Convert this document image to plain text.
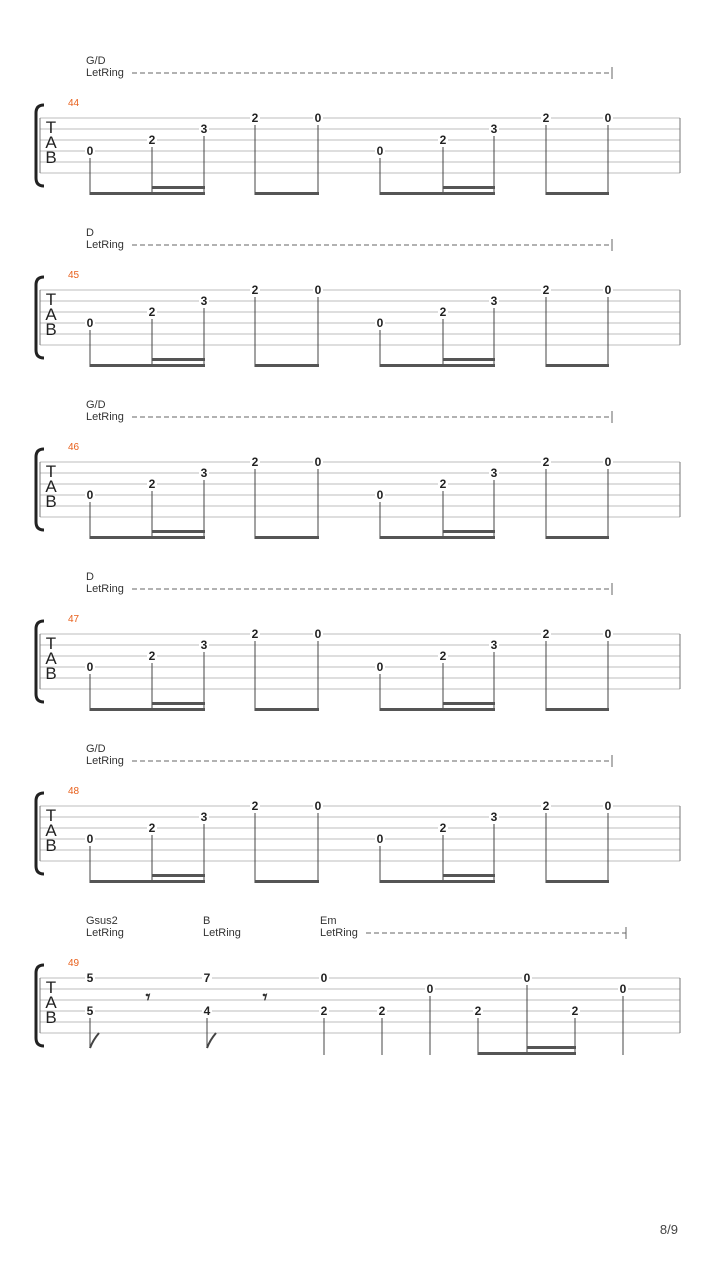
T
A
B
44
G/D
LetRing
0
2
3
2	0
0
2
3
2	0
T
A
B
45
D
LetRing
0
2
3
2	0
0
2
3
2	0
T
A
B
46
G/D
LetRing
0
2
3
2	0
0
2
3
2	0
T
A
B
47
D
LetRing
0
2
3
2	0
0
2
3
2	0
T
A
B
48
G/D
LetRing
0
2
3
2	0
0
2
3
2	0
T
A
B
49
Gsus2
LetRing
B
LetRing
Em
LetRing
𝄾	𝄾
5
5
7
4
0
2	2
0
2
0
2
0
8/9
